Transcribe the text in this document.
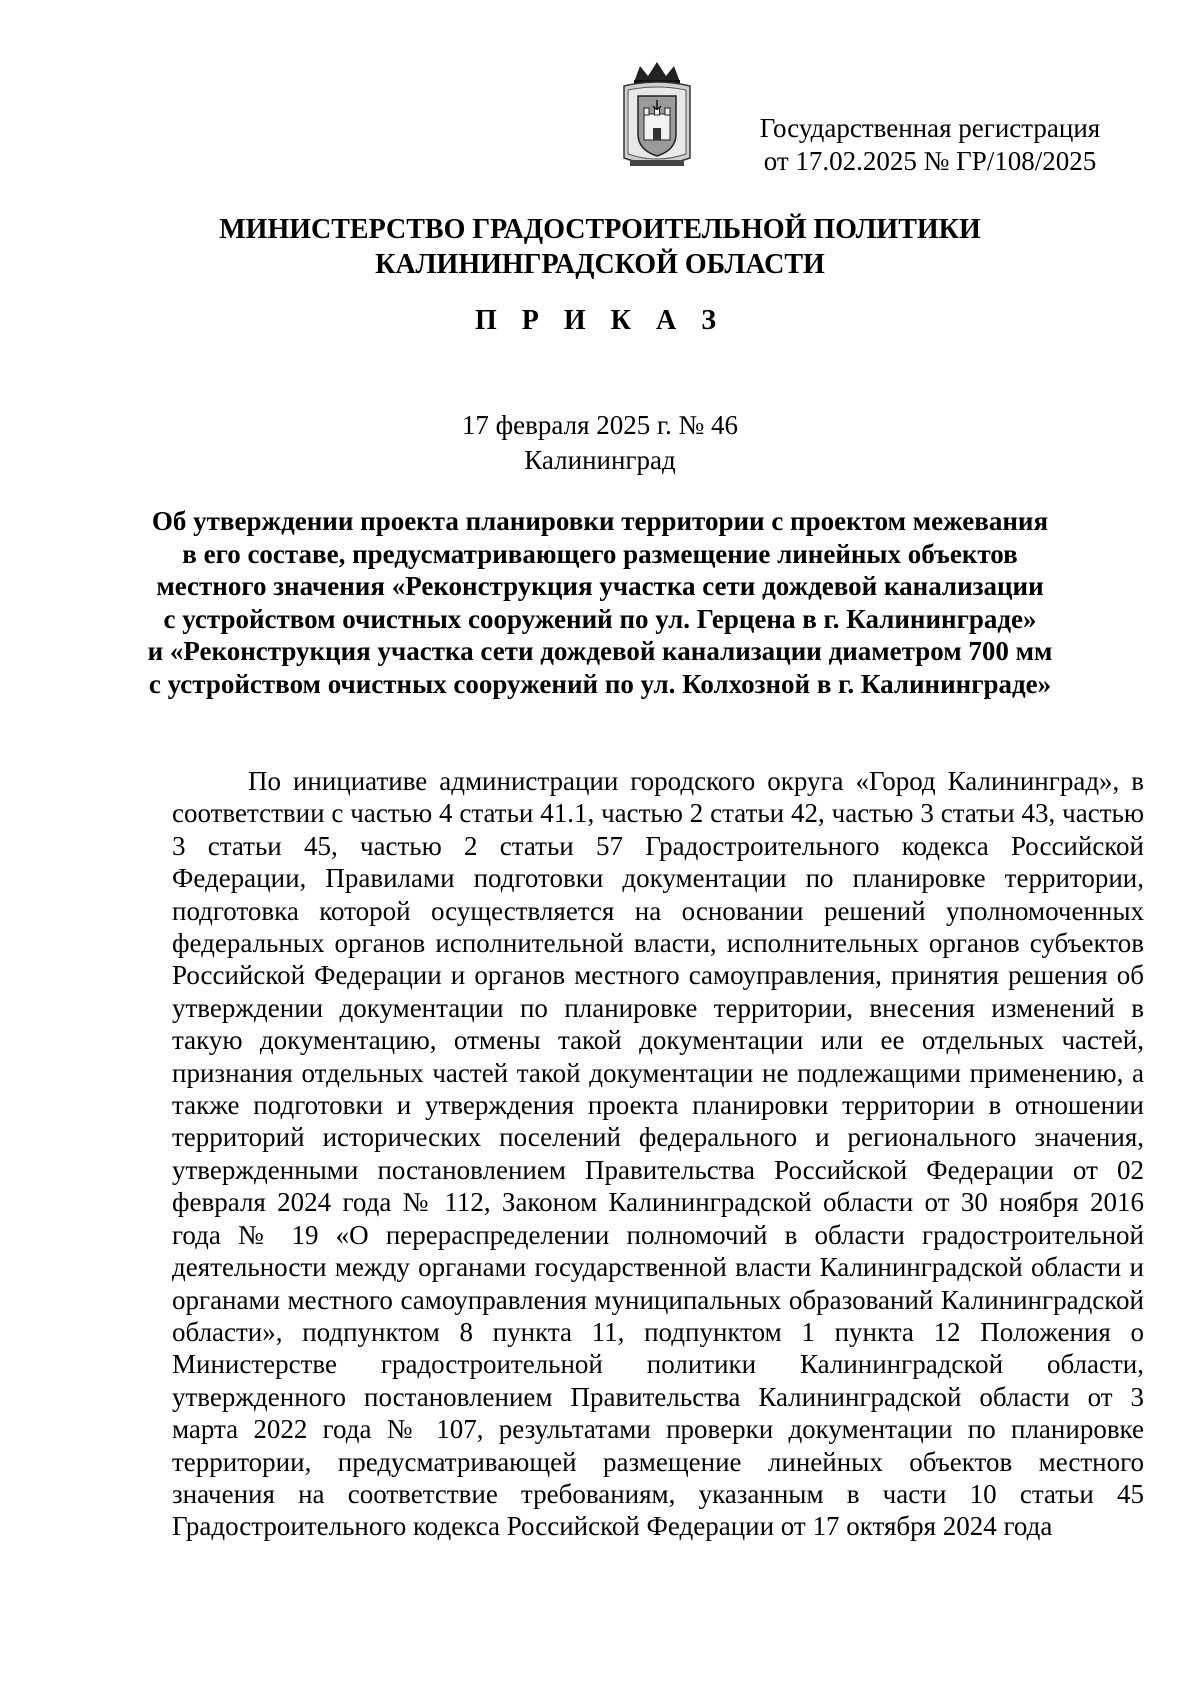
Государственная регистрация
от 17.02.2025 № ГР/108/2025
МИНИСТЕРСТВО ГРАДОСТРОИТЕЛЬНОЙ ПОЛИТИКИ
КАЛИНИНГРАДСКОЙ ОБЛАСТИ
П Р И К А З
17 февраля 2025 г. № 46
Калининград
Об утверждении проекта планировки территории с проектом межевания
в его составе, предусматривающего размещение линейных объектов
местного значения «Реконструкция участка сети дождевой канализации
с устройством очистных сооружений по ул. Герцена в г. Калининграде»
и «Реконструкция участка сети дождевой канализации диаметром 700 мм
с устройством очистных сооружений по ул. Колхозной в г. Калининграде»

По инициативе администрации городского округа «Город Калининград», в соответствии с частью 4 статьи 41.1, частью 2 статьи 42, частью 3 статьи 43, частью 3 статьи 45, частью 2 статьи 57 Градостроительного кодекса Российской Федерации, Правилами подготовки документации по планировке территории, подготовка которой осуществляется на основании решений уполномоченных федеральных органов исполнительной власти, исполнительных органов субъектов Российской Федерации и органов местного самоуправления, принятия решения об утверждении документации по планировке территории, внесения изменений в такую документацию, отмены такой документации или ее отдельных частей, признания отдельных частей такой документации не подлежащими применению, а также подготовки и утверждения проекта планировки территории в отношении территорий исторических поселений федерального и регионального значения, утвержденными постановлением Правительства Российской Федерации от 02 февраля 2024 года № 112, Законом Калининградской области от 30 ноября 2016 года № 19 «О перераспределении полномочий в области градостроительной деятельности между органами государственной власти Калининградской области и органами местного самоуправления муниципальных образований Калининградской области», подпунктом 8 пункта 11, подпунктом 1 пункта 12 Положения о Министерстве градостроительной политики Калининградской области, утвержденного постановлением Правительства Калининградской области от 3 марта 2022 года № 107, результатами проверки документации по планировке территории, предусматривающей размещение линейных объектов местного значения на соответствие требованиям, указанным в части 10 статьи 45 Градостроительного кодекса Российской Федерации от 17 октября 2024 года
